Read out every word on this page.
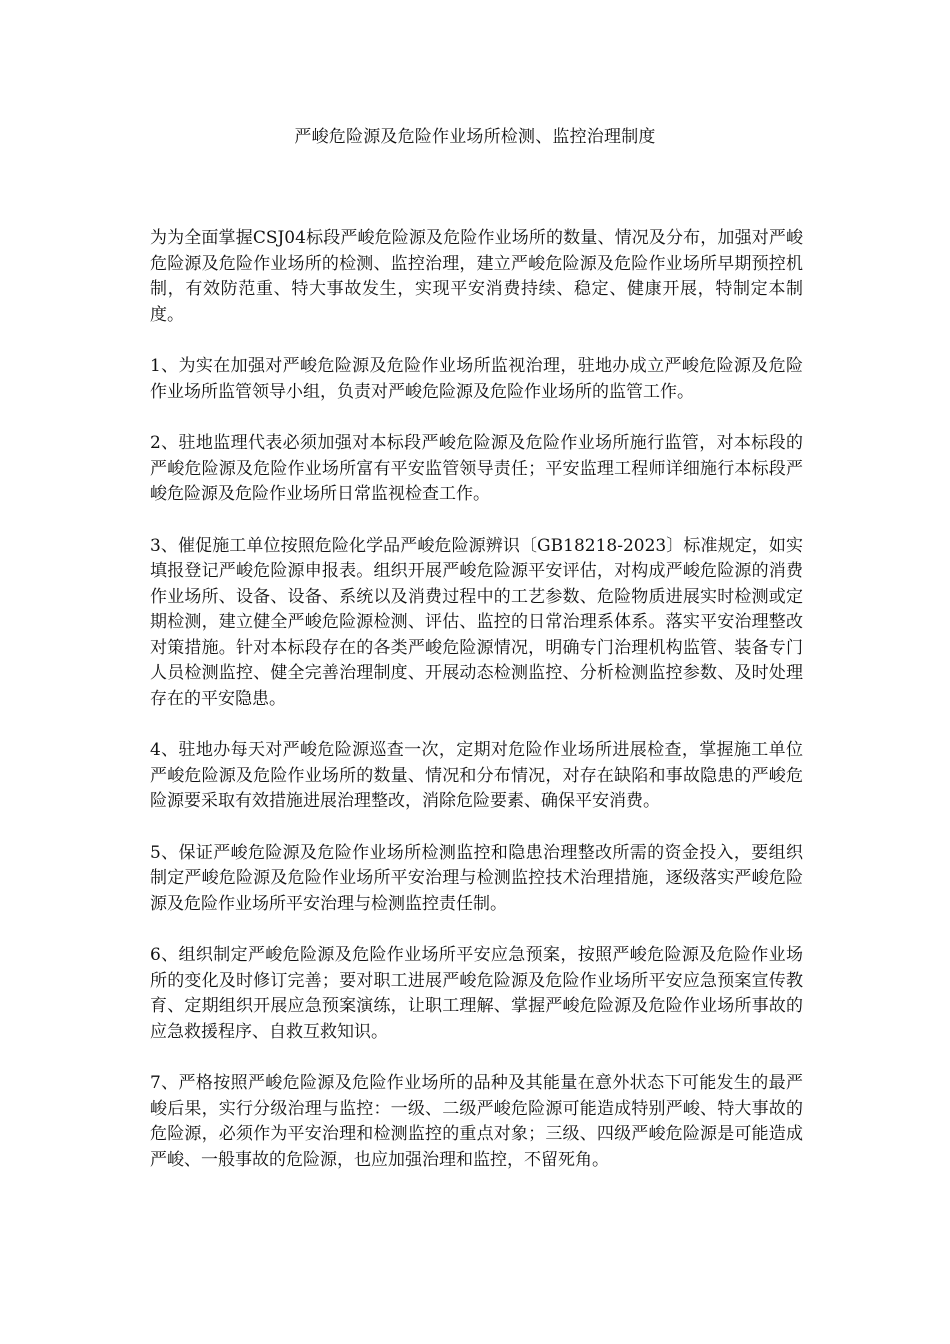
严峻危险源及危险作业场所检测、监控治理制度

为为全面掌握CSJ04标段严峻危险源及危险作业场所的数量、情况及分布，加强对严峻危险源及危险作业场所的检测、监控治理，建立严峻危险源及危险作业场所早期预控机制，有效防范重、特大事故发生，实现平安消费持续、稳定、健康开展，特制定本制度。

1、为实在加强对严峻危险源及危险作业场所监视治理，驻地办成立严峻危险源及危险作业场所监管领导小组，负责对严峻危险源及危险作业场所的监管工作。

2、驻地监理代表必须加强对本标段严峻危险源及危险作业场所施行监管，对本标段的严峻危险源及危险作业场所富有平安监管领导责任；平安监理工程师详细施行本标段严峻危险源及危险作业场所日常监视检查工作。

3、催促施工单位按照危险化学品严峻危险源辨识〔GB18218-2023〕标准规定，如实填报登记严峻危险源申报表。组织开展严峻危险源平安评估，对构成严峻危险源的消费作业场所、设备、设备、系统以及消费过程中的工艺参数、危险物质进展实时检测或定期检测，建立健全严峻危险源检测、评估、监控的日常治理系体系。落实平安治理整改对策措施。针对本标段存在的各类严峻危险源情况，明确专门治理机构监管、装备专门人员检测监控、健全完善治理制度、开展动态检测监控、分析检测监控参数、及时处理存在的平安隐患。

4、驻地办每天对严峻危险源巡查一次，定期对危险作业场所进展检查，掌握施工单位严峻危险源及危险作业场所的数量、情况和分布情况，对存在缺陷和事故隐患的严峻危险源要采取有效措施进展治理整改，消除危险要素、确保平安消费。

5、保证严峻危险源及危险作业场所检测监控和隐患治理整改所需的资金投入，要组织制定严峻危险源及危险作业场所平安治理与检测监控技术治理措施，逐级落实严峻危险源及危险作业场所平安治理与检测监控责任制。

6、组织制定严峻危险源及危险作业场所平安应急预案，按照严峻危险源及危险作业场所的变化及时修订完善；要对职工进展严峻危险源及危险作业场所平安应急预案宣传教育、定期组织开展应急预案演练，让职工理解、掌握严峻危险源及危险作业场所事故的应急救援程序、自救互救知识。

7、严格按照严峻危险源及危险作业场所的品种及其能量在意外状态下可能发生的最严峻后果，实行分级治理与监控：一级、二级严峻危险源可能造成特别严峻、特大事故的危险源，必须作为平安治理和检测监控的重点对象；三级、四级严峻危险源是可能造成严峻、一般事故的危险源，也应加强治理和监控，不留死角。
